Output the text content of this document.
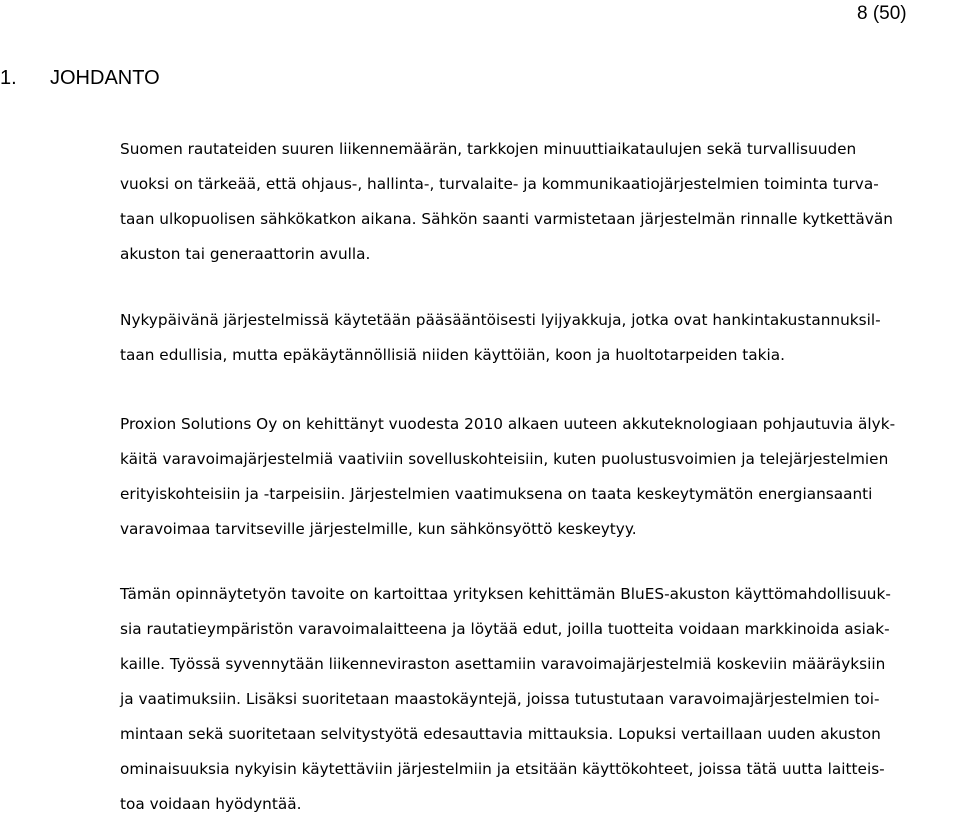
8 (50)
1. JOHDANTO
Suomen rautateiden suuren liikennemäärän, tarkkojen minuuttiaikataulujen sekä turvallisuuden
vuoksi on tärkeää, että ohjaus-, hallinta-, turvalaite- ja kommunikaatiojärjestelmien toiminta turva-
taan ulkopuolisen sähkökatkon aikana. Sähkön saanti varmistetaan järjestelmän rinnalle kytkettävän
akuston tai generaattorin avulla.
Nykypäivänä järjestelmissä käytetään pääsääntöisesti lyijyakkuja, jotka ovat hankintakustannuksil-
taan edullisia, mutta epäkäytännöllisiä niiden käyttöiän, koon ja huoltotarpeiden takia.
Proxion Solutions Oy on kehittänyt vuodesta 2010 alkaen uuteen akkuteknologiaan pohjautuvia älyk-
käitä varavoimajärjestelmiä vaativiin sovelluskohteisiin, kuten puolustusvoimien ja telejärjestelmien
erityiskohteisiin ja -tarpeisiin. Järjestelmien vaatimuksena on taata keskeytymätön energiansaanti
varavoimaa tarvitseville järjestelmille, kun sähkönsyöttö keskeytyy.
Tämän opinnäytetyön tavoite on kartoittaa yrityksen kehittämän BluES-akuston käyttömahdollisuuk-
sia rautatieympäristön varavoimalaitteena ja löytää edut, joilla tuotteita voidaan markkinoida asiak-
kaille. Työssä syvennytään liikenneviraston asettamiin varavoimajärjestelmiä koskeviin määräyksiin
ja vaatimuksiin. Lisäksi suoritetaan maastokäyntejä, joissa tutustutaan varavoimajärjestelmien toi-
mintaan sekä suoritetaan selvitystyötä edesauttavia mittauksia. Lopuksi vertaillaan uuden akuston
ominaisuuksia nykyisin käytettäviin järjestelmiin ja etsitään käyttökohteet, joissa tätä uutta laitteis-
toa voidaan hyödyntää.
